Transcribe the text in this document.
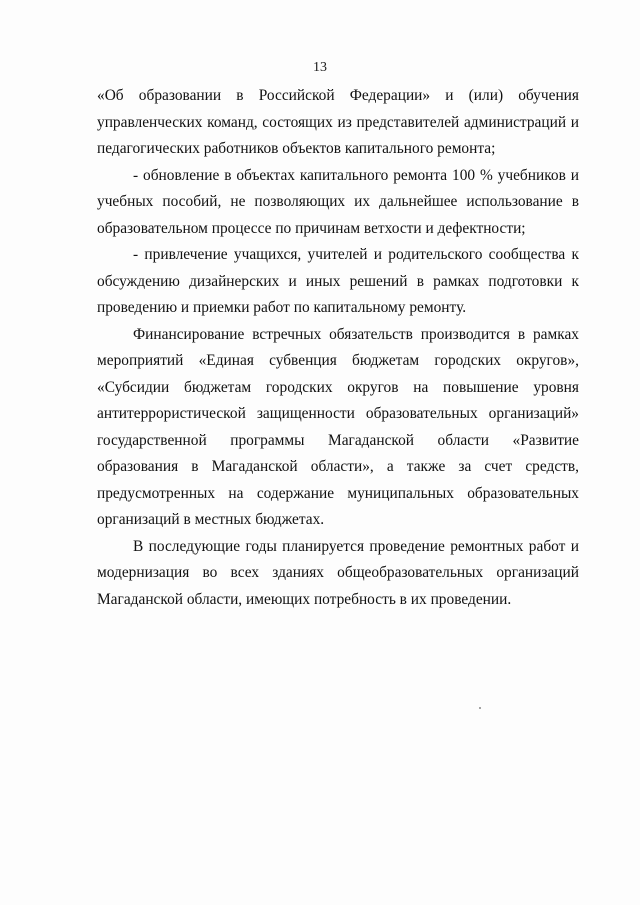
13

«Об образовании в Российской Федерации» и (или) обучения управленческих команд, состоящих из представителей администраций и педагогических работников объектов капитального ремонта;

- обновление в объектах капитального ремонта 100 % учебников и учебных пособий, не позволяющих их дальнейшее использование в образовательном процессе по причинам ветхости и дефектности;

- привлечение учащихся, учителей и родительского сообщества к обсуждению дизайнерских и иных решений в рамках подготовки к проведению и приемки работ по капитальному ремонту.

Финансирование встречных обязательств производится в рамках мероприятий «Единая субвенция бюджетам городских округов», «Субсидии бюджетам городских округов на повышение уровня антитеррористической защищенности образовательных организаций» государственной программы Магаданской области «Развитие образования в Магаданской области», а также за счет средств, предусмотренных на содержание муниципальных образовательных организаций в местных бюджетах.

В последующие годы планируется проведение ремонтных работ и модернизация во всех зданиях общеобразовательных организаций Магаданской области, имеющих потребность в их проведении.
